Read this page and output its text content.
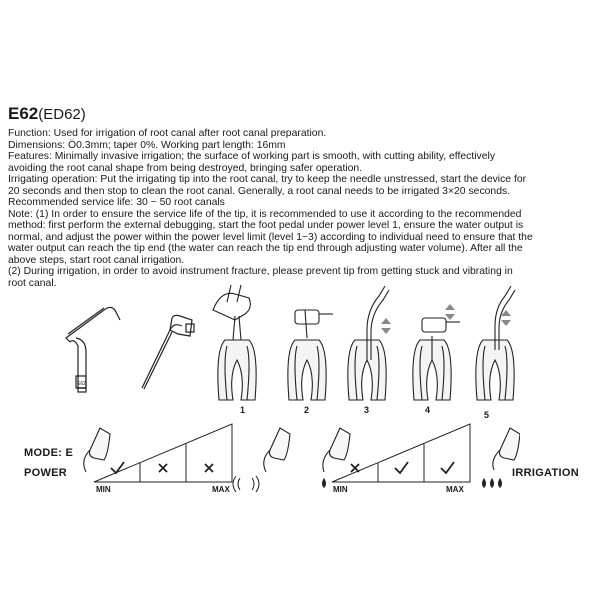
E62(ED62)
Function: Used for irrigation of root canal after root canal preparation.
Dimensions: Ö0.3mm; taper 0%. Working part length: 16mm
Features: Minimally invasive irrigation; the surface of working part is smooth, with cutting ability, effectively
avoiding the root canal shape from being destroyed, bringing safer operation.
Irrigating operation: Put the irrigating tip into the root canal, try to keep the needle unstressed, start the device for
20 seconds and then stop to clean the root canal. Generally, a root canal needs to be irrigated 3×20 seconds.
Recommended service life: 30 ~ 50 root canals
Note: (1) In order to ensure the service life of the tip, it is recommended to use it according to the recommended
method: first perform the external debugging, start the foot pedal under power level 1, ensure the water output is
normal, and adjust the power within the power level limit (level 1~3) according to individual need to ensure that the
water output can reach the tip end (the water can reach the tip end through adjusting water volume). After all the
above steps, start root canal irrigation.
(2) During irrigation, in order to avoid instrument fracture, please prevent tip from getting stuck and vibrating in
root canal.
E62
1	2	3	4	5
MODE: E
POWER	IRRIGATION
MIN	MAX	MIN	MAX
